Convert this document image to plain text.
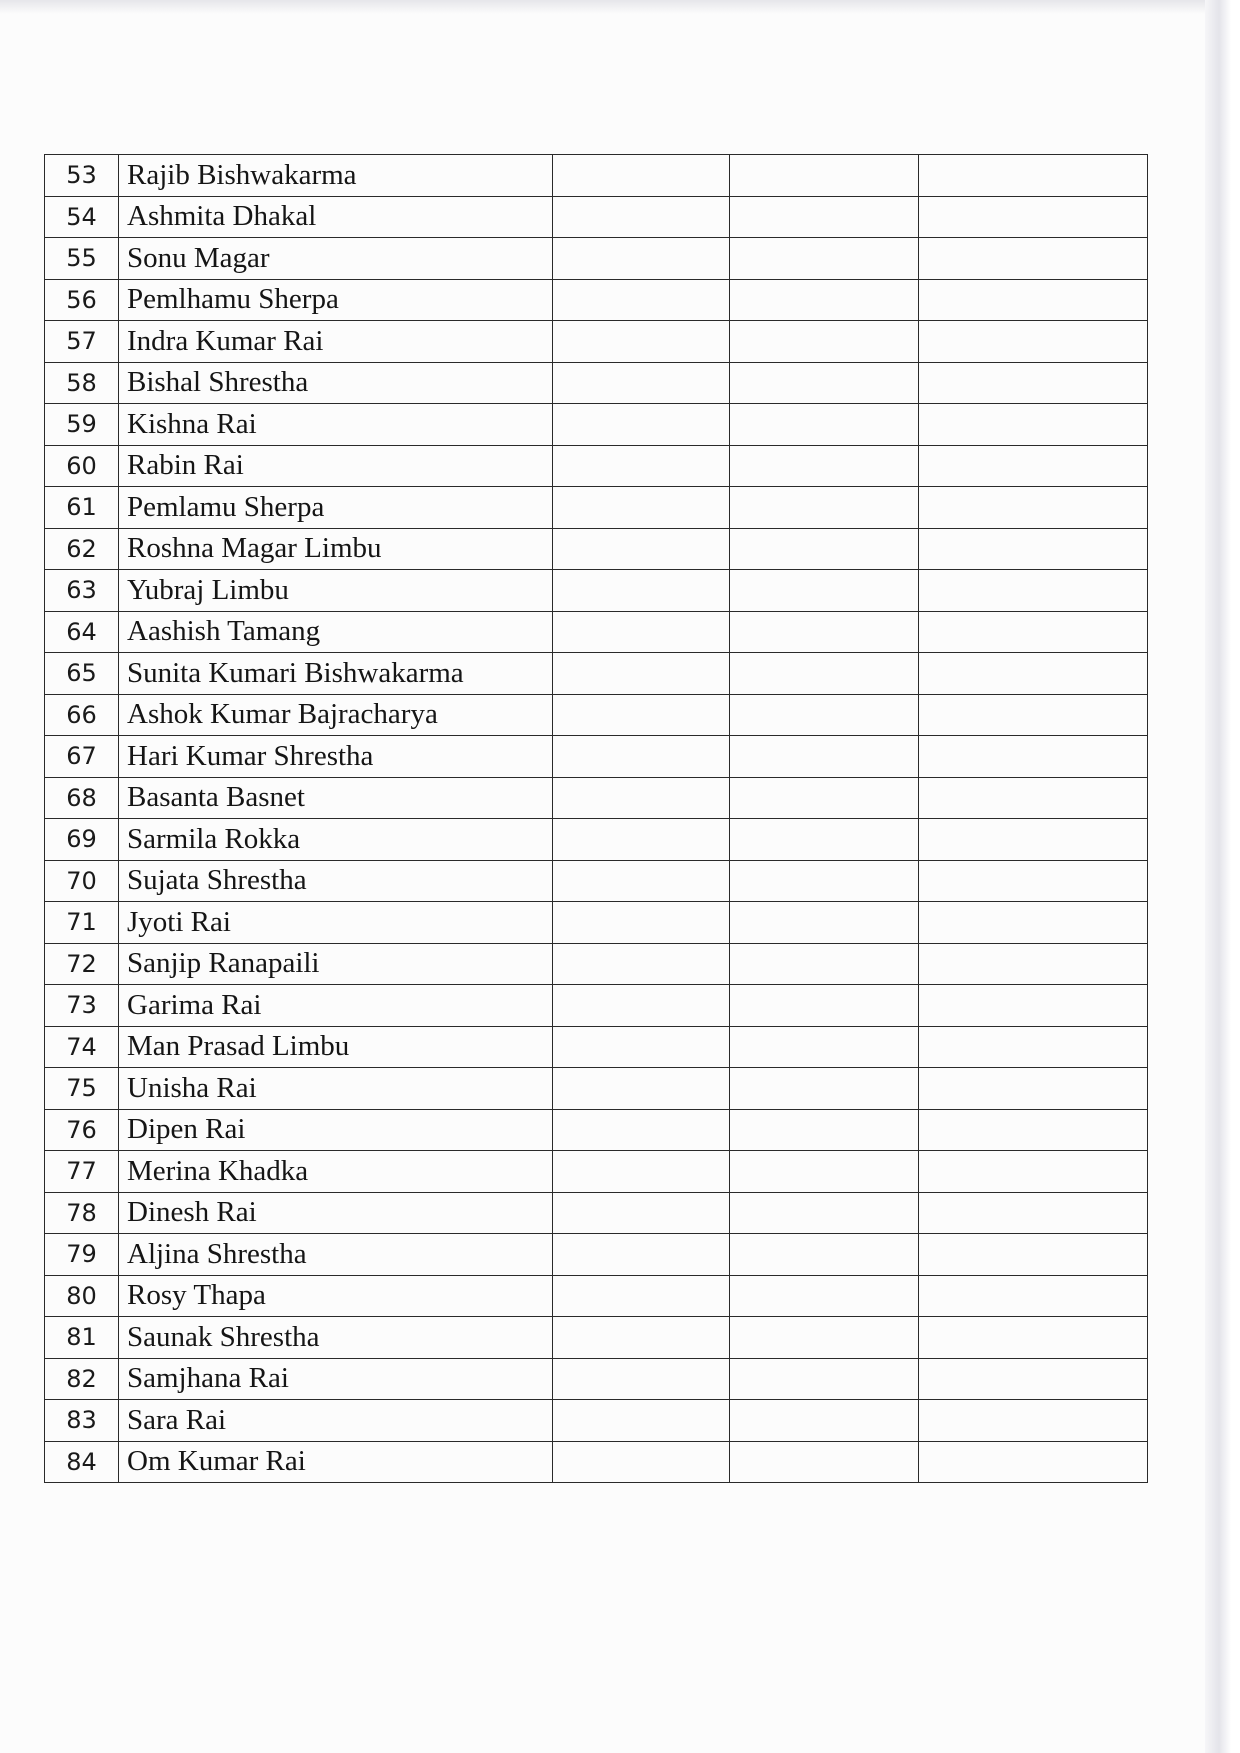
53	Rajib Bishwakarma			
54	Ashmita Dhakal			
55	Sonu Magar			
56	Pemlhamu Sherpa			
57	Indra Kumar Rai			
58	Bishal Shrestha			
59	Kishna Rai			
60	Rabin Rai			
61	Pemlamu Sherpa			
62	Roshna Magar Limbu			
63	Yubraj Limbu			
64	Aashish Tamang			
65	Sunita Kumari Bishwakarma			
66	Ashok Kumar Bajracharya			
67	Hari Kumar Shrestha			
68	Basanta Basnet			
69	Sarmila Rokka			
70	Sujata Shrestha			
71	Jyoti Rai			
72	Sanjip Ranapaili			
73	Garima Rai			
74	Man Prasad Limbu			
75	Unisha Rai			
76	Dipen Rai			
77	Merina Khadka			
78	Dinesh Rai			
79	Aljina Shrestha			
80	Rosy Thapa			
81	Saunak Shrestha			
82	Samjhana Rai			
83	Sara Rai			
84	Om Kumar Rai			
